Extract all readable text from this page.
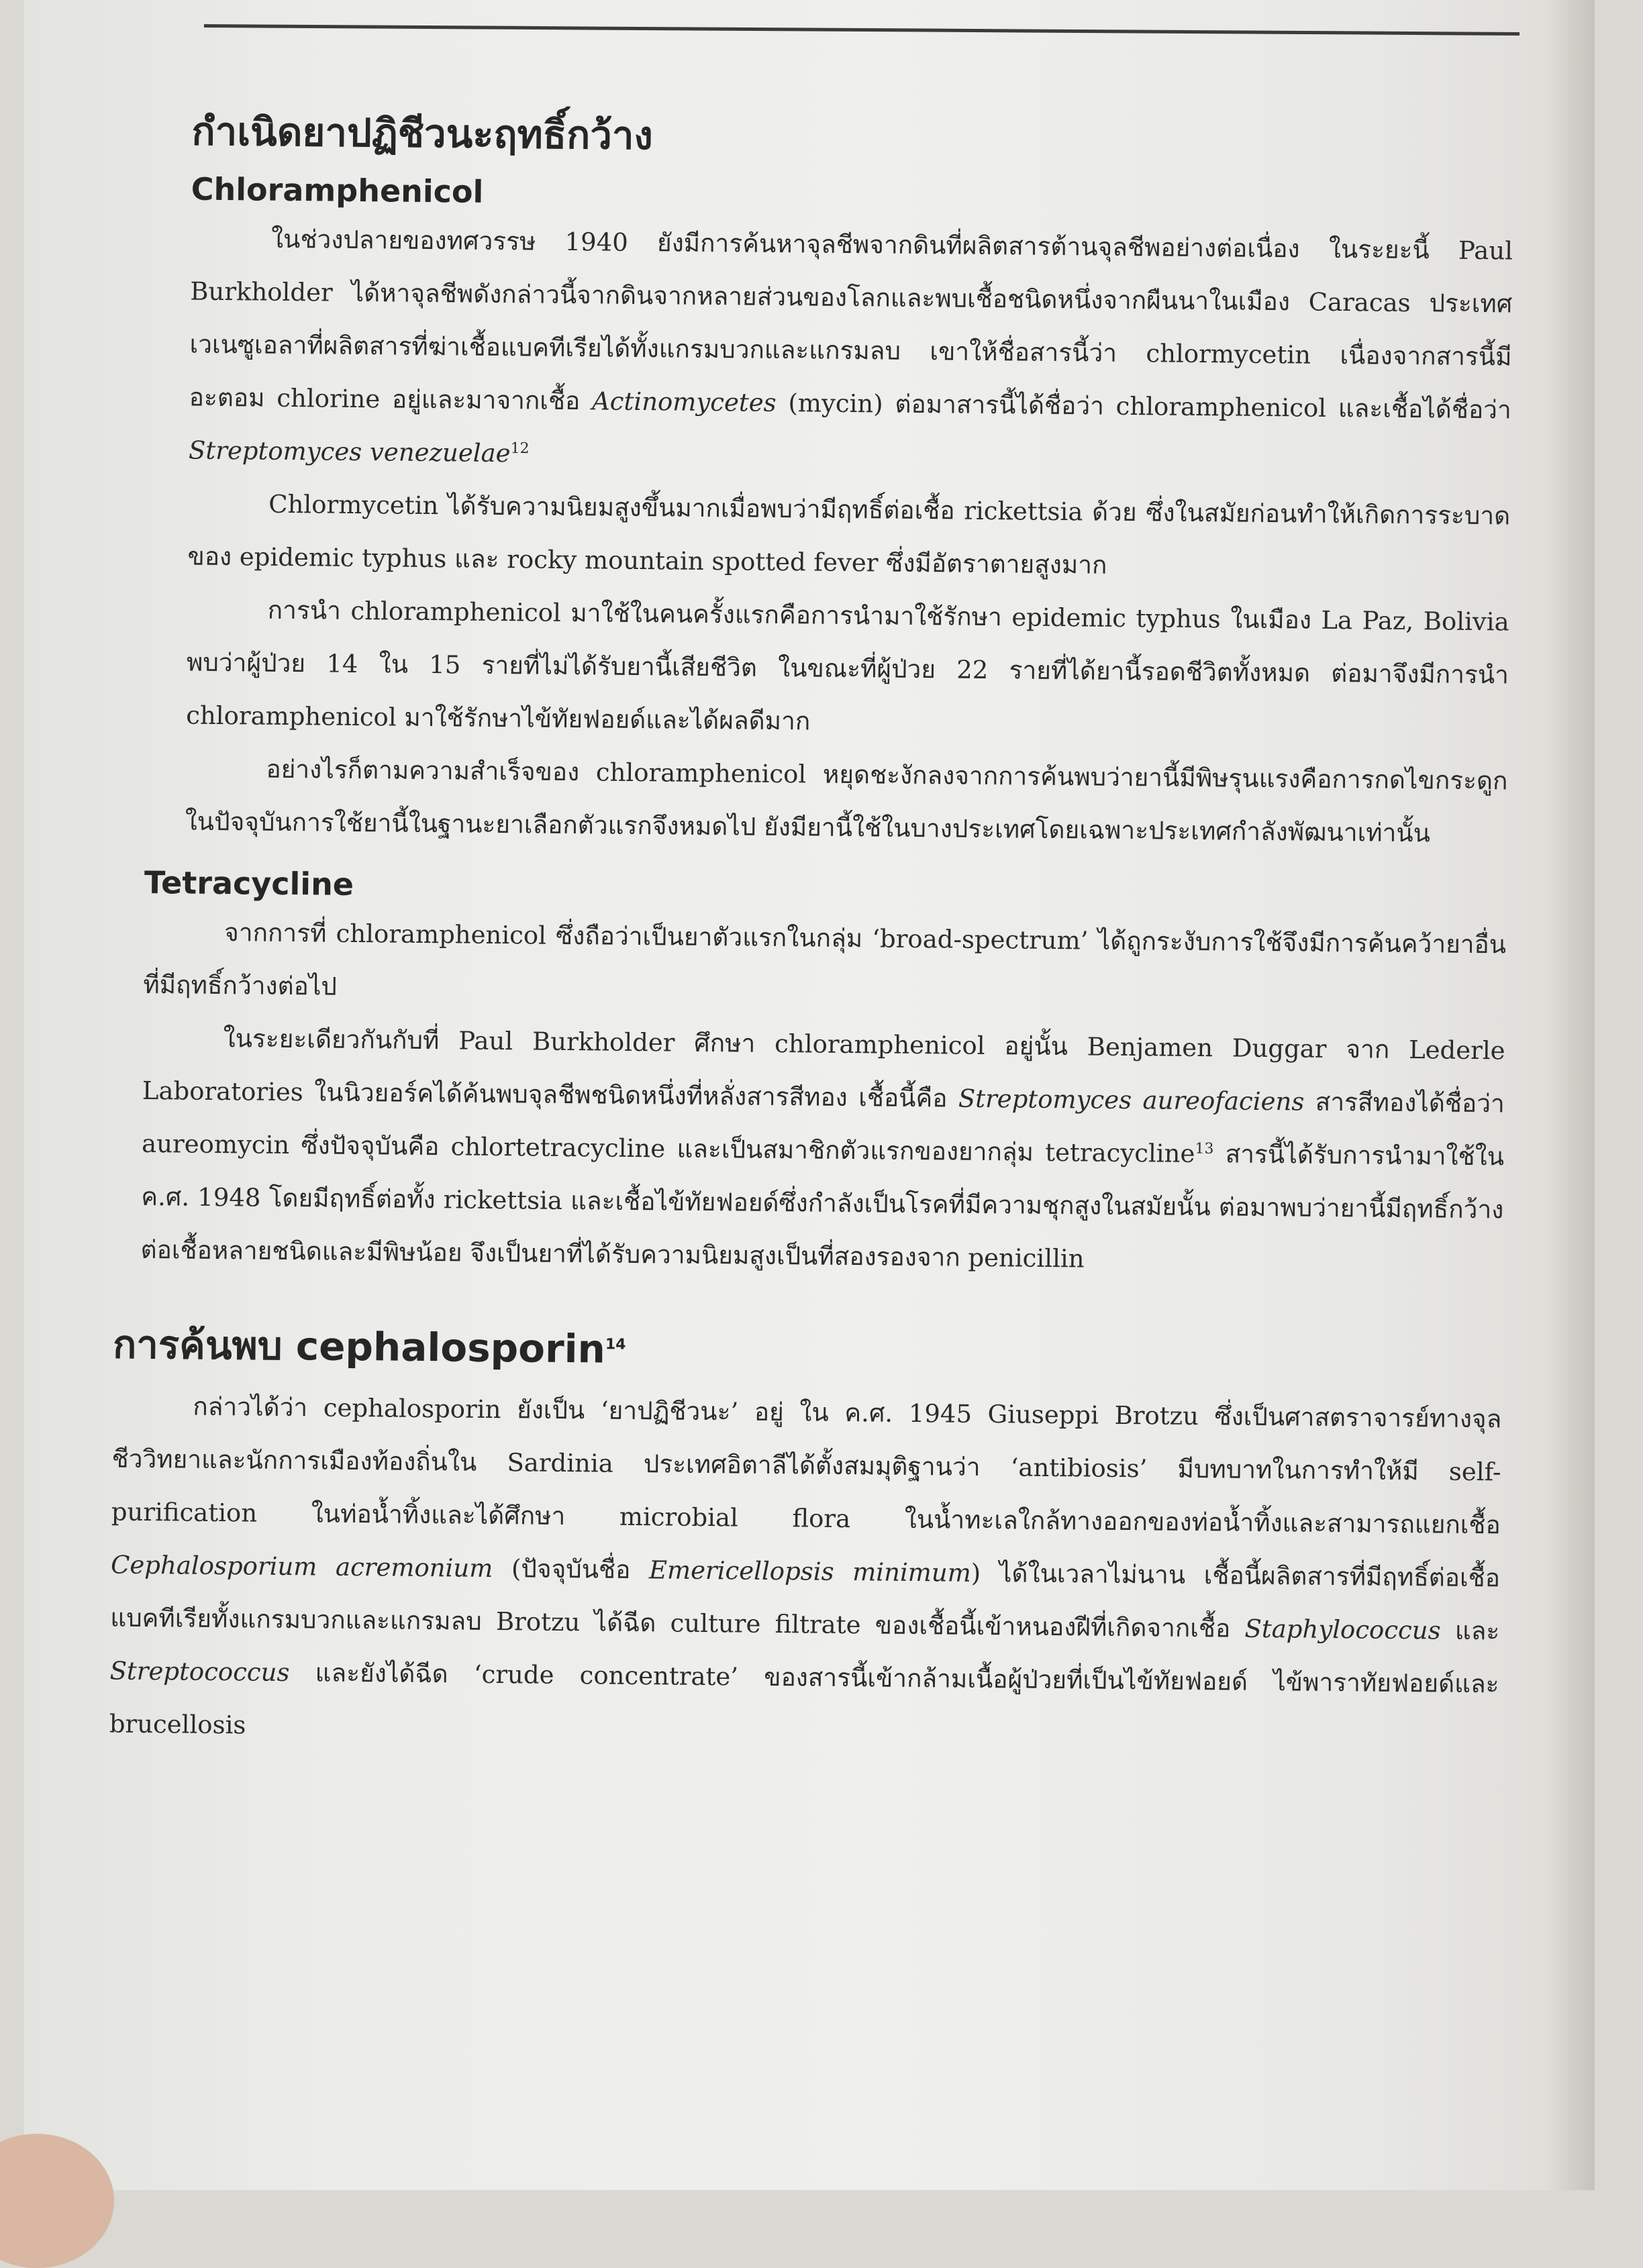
กำเนิดยาปฏิชีวนะฤทธิ์กว้าง
Chloramphenicol

ในช่วงปลายของทศวรรษ 1940 ยังมีการค้นหาจุลชีพจากดินที่ผลิตสารต้านจุลชีพอย่างต่อเนื่อง ในระยะนี้ Paul Burkholder ได้หาจุลชีพดังกล่าวนี้จากดินจากหลายส่วนของโลกและพบเชื้อชนิดหนึ่งจากผืนนาในเมือง Caracas ประเทศเวเนซูเอลาที่ผลิตสารที่ฆ่าเชื้อแบคทีเรียได้ทั้งแกรมบวกและแกรมลบ เขาให้ชื่อสารนี้ว่า chlormycetin เนื่องจากสารนี้มีอะตอม chlorine อยู่และมาจากเชื้อ Actinomycetes (mycin) ต่อมาสารนี้ได้ชื่อว่า chloramphenicol และเชื้อได้ชื่อว่า Streptomyces venezuelae$^{12}$

Chlormycetin ได้รับความนิยมสูงขึ้นมากเมื่อพบว่ามีฤทธิ์ต่อเชื้อ rickettsia ด้วย ซึ่งในสมัยก่อนทำให้เกิดการระบาดของ epidemic typhus และ rocky mountain spotted fever ซึ่งมีอัตราตายสูงมาก

การนำ chloramphenicol มาใช้ในคนครั้งแรกคือการนำมาใช้รักษา epidemic typhus ในเมือง La Paz, Bolivia พบว่าผู้ป่วย 14 ใน 15 รายที่ไม่ได้รับยานี้เสียชีวิต ในขณะที่ผู้ป่วย 22 รายที่ได้ยานี้รอดชีวิตทั้งหมด ต่อมาจึงมีการนำ chloramphenicol มาใช้รักษาไข้ทัยฟอยด์และได้ผลดีมาก

อย่างไรก็ตามความสำเร็จของ chloramphenicol หยุดชะงักลงจากการค้นพบว่ายานี้มีพิษรุนแรงคือการกดไขกระดูก ในปัจจุบันการใช้ยานี้ในฐานะยาเลือกตัวแรกจึงหมดไป ยังมียานี้ใช้ในบางประเทศโดยเฉพาะประเทศกำลังพัฒนาเท่านั้น

Tetracycline

จากการที่ chloramphenicol ซึ่งถือว่าเป็นยาตัวแรกในกลุ่ม ‘broad-spectrum’ ได้ถูกระงับการใช้จึงมีการค้นคว้ายาอื่นที่มีฤทธิ์กว้างต่อไป

ในระยะเดียวกันกับที่ Paul Burkholder ศึกษา chloramphenicol อยู่นั้น Benjamen Duggar จาก Lederle Laboratories ในนิวยอร์คได้ค้นพบจุลชีพชนิดหนึ่งที่หลั่งสารสีทอง เชื้อนี้คือ Streptomyces aureofaciens สารสีทองได้ชื่อว่า aureomycin ซึ่งปัจจุบันคือ chlortetracycline และเป็นสมาชิกตัวแรกของยากลุ่ม tetracycline$^{13}$ สารนี้ได้รับการนำมาใช้ใน ค.ศ. 1948 โดยมีฤทธิ์ต่อทั้ง rickettsia และเชื้อไข้ทัยฟอยด์ซึ่งกำลังเป็นโรคที่มีความชุกสูงในสมัยนั้น ต่อมาพบว่ายานี้มีฤทธิ์กว้างต่อเชื้อหลายชนิดและมีพิษน้อย จึงเป็นยาที่ได้รับความนิยมสูงเป็นที่สองรองจาก penicillin

การค้นพบ cephalosporin$^{14}$

กล่าวได้ว่า cephalosporin ยังเป็น ‘ยาปฏิชีวนะ’ อยู่ ใน ค.ศ. 1945 Giuseppi Brotzu ซึ่งเป็นศาสตราจารย์ทางจุลชีววิทยาและนักการเมืองท้องถิ่นใน Sardinia ประเทศอิตาลีได้ตั้งสมมุติฐานว่า ‘antibiosis’ มีบทบาทในการทำให้มี self-purification ในท่อน้ำทิ้งและได้ศึกษา microbial flora ในน้ำทะเลใกล้ทางออกของท่อน้ำทิ้งและสามารถแยกเชื้อ Cephalosporium acremonium (ปัจจุบันชื่อ Emericellopsis minimum) ได้ในเวลาไม่นาน เชื้อนี้ผลิตสารที่มีฤทธิ์ต่อเชื้อแบคทีเรียทั้งแกรมบวกและแกรมลบ Brotzu ได้ฉีด culture filtrate ของเชื้อนี้เข้าหนองฝีที่เกิดจากเชื้อ Staphylococcus และ Streptococcus และยังได้ฉีด ‘crude concentrate’ ของสารนี้เข้ากล้ามเนื้อผู้ป่วยที่เป็นไข้ทัยฟอยด์ ไข้พาราทัยฟอยด์และ brucellosis
